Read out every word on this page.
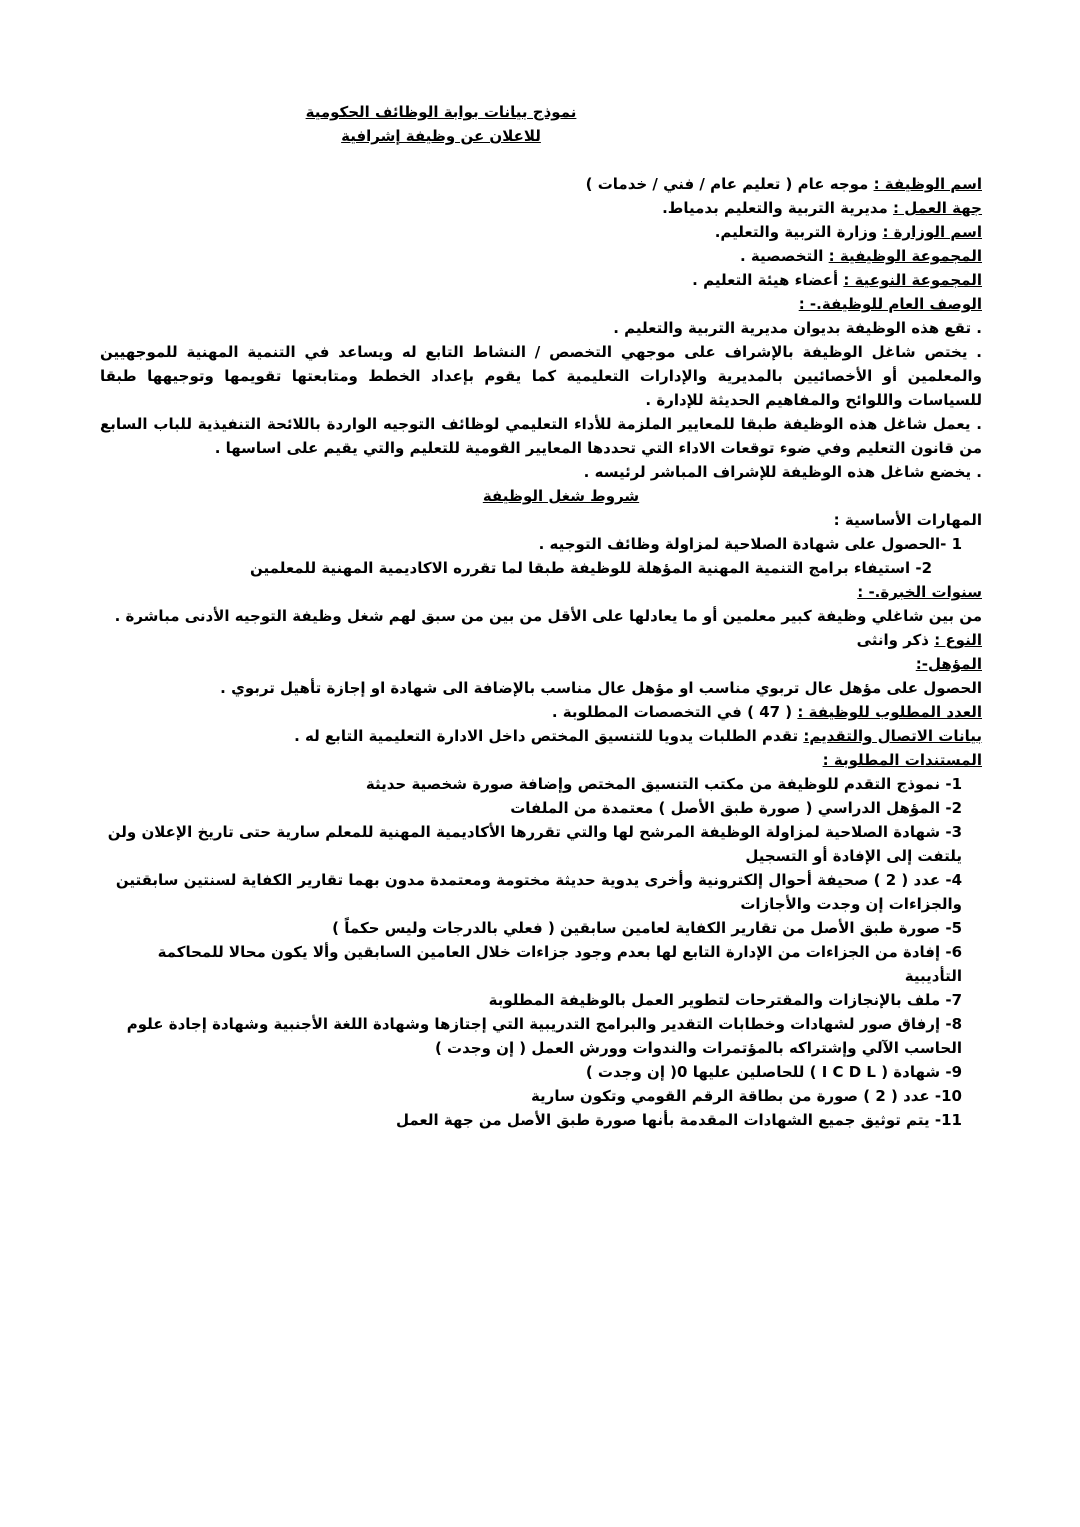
نموذج بيانات بوابة الوظائف الحكومية
للاعلان عن وظيفة إشرافية
اسم الوظيفة : موجه عام ( تعليم عام / فني / خدمات )
جهة العمل : مديرية التربية والتعليم بدمياط.
اسم الوزارة : وزارة التربية والتعليم.
المجموعة الوظيفية : التخصصية .
المجموعة النوعية : أعضاء هيئة التعليم .
الوصف العام للوظيفة.- :
. تقع هذه الوظيفة بديوان مديرية التربية والتعليم .
. يختص شاغل الوظيفة بالإشراف على موجهي التخصص / النشاط التابع له ويساعد في التنمية المهنية للموجهيين والمعلمين أو الأخصائيين بالمديرية والإدارات التعليمية كما يقوم بإعداد الخطط ومتابعتها تقويمها وتوجيهها طبقا للسياسات واللوائح والمفاهيم الحديثة للإدارة .
. يعمل شاغل هذه الوظيفة طبقا للمعايير الملزمة للأداء التعليمي لوظائف التوجيه الواردة باللائحة التنفيذية للباب السابع من قانون التعليم وفي ضوء توقعات الاداء التي تحددها المعايير القومية للتعليم والتي يقيم على اساسها .
. يخضع شاغل هذه الوظيفة للإشراف المباشر لرئيسه .
شروط شغل الوظيفة
المهارات الأساسية :
1 -الحصول على شهادة الصلاحية لمزاولة وظائف التوجيه .
2- استيفاء برامج التنمية المهنية المؤهلة للوظيفة طبقا لما تقرره الاكاديمية المهنية للمعلمين
سنوات الخبرة.- :
من بين شاغلي وظيفة كبير معلمين أو ما يعادلها على الأقل من بين من سبق لهم شغل وظيفة التوجيه الأدنى مباشرة .
النوع : ذكر وانثى
المؤهل-:
الحصول على مؤهل عال تربوي مناسب او مؤهل عال مناسب بالإضافة الى شهادة او إجازة تأهيل تربوي .
العدد المطلوب للوظيفة : ( 47 ) في التخصصات المطلوبة .
بيانات الاتصال والتقديم: تقدم الطلبات يدويا للتنسيق المختص داخل الادارة التعليمية التابع له .
المستندات المطلوبة :
1- نموذج التقدم للوظيفة من مكتب التنسيق المختص وإضافة صورة شخصية حديثة
2- المؤهل الدراسي ( صورة طبق الأصل ) معتمدة من الملفات
3- شهادة الصلاحية لمزاولة الوظيفة المرشح لها والتي تقررها الأكاديمية المهنية للمعلم سارية حتى تاريخ الإعلان ولن يلتفت إلى الإفادة أو التسجيل
4- عدد ( 2 ) صحيفة أحوال إلكترونية وأخرى يدوية حديثة مختومة ومعتمدة مدون بهما تقارير الكفاية لسنتين سابقتين والجزاءات إن وجدت والأجازات
5- صورة طبق الأصل من تقارير الكفاية لعامين سابقين ( فعلي بالدرجات وليس حكماً )
6- إفادة من الجزاءات من الإدارة التابع لها بعدم وجود جزاءات خلال العامين السابقين وألا يكون محالا للمحاكمة التأديبية
7- ملف بالإنجازات والمقترحات لتطوير العمل بالوظيفة المطلوبة
8- إرفاق صور لشهادات وخطابات التقدير والبرامج التدريبية التي إجتازها وشهادة اللغة الأجنبية وشهادة إجادة علوم الحاسب الآلي وإشتراكه بالمؤتمرات والندوات وورش العمل ( إن وجدت )
9- شهادة ( I C D L ) للحاصلين عليها 0( إن وجدت )
10- عدد ( 2 ) صورة من بطاقة الرقم القومي وتكون سارية
11- يتم توثيق جميع الشهادات المقدمة بأنها صورة طبق الأصل من جهة العمل
